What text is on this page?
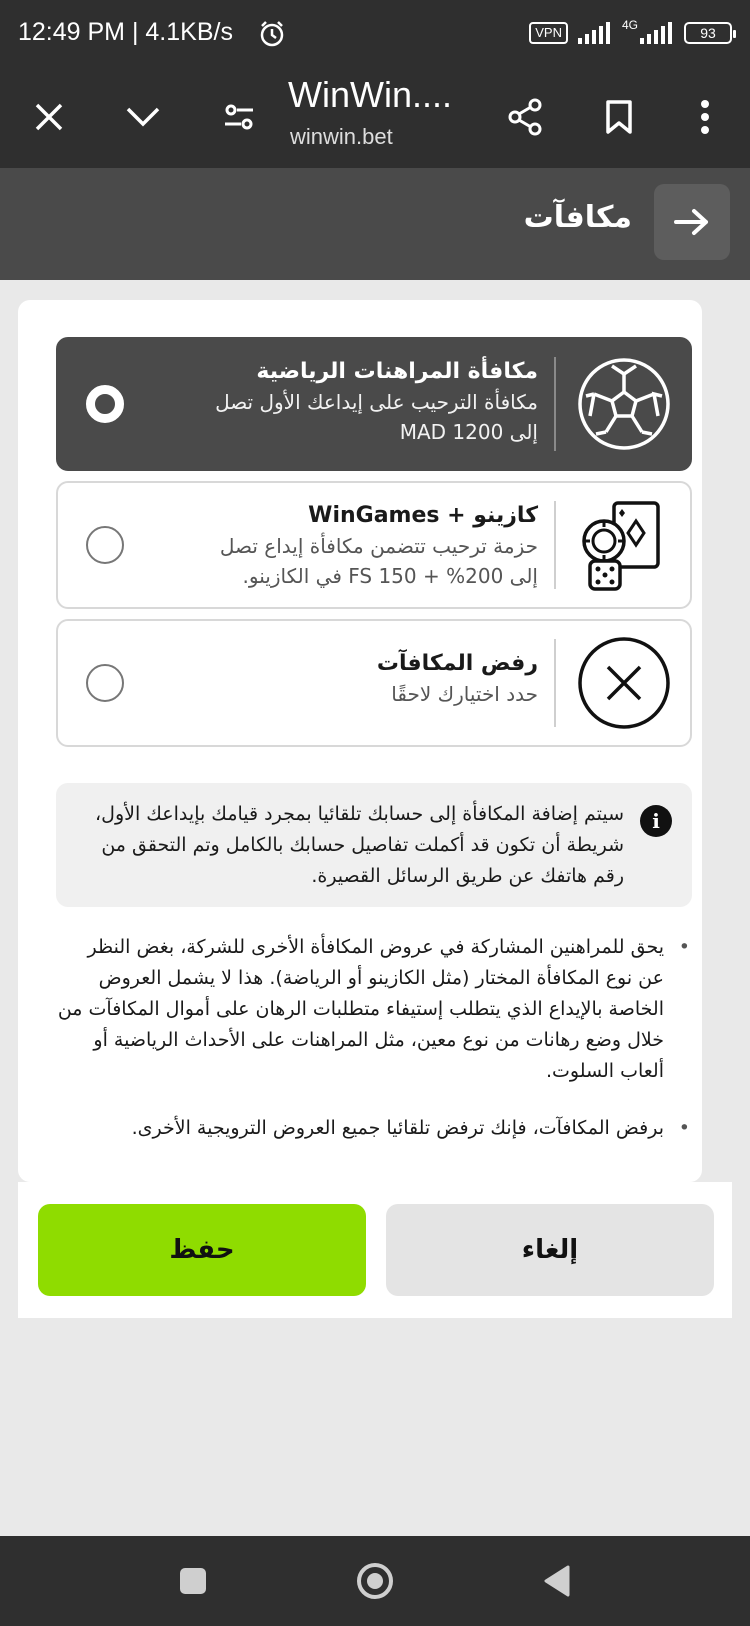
12:49 PM | 4.1KB/s	VPN	4G	93
WinWin....
winwin.bet
مكافآت
مكافأة المراهنات الرياضية
مكافأة الترحيب على إيداعك الأول تصل إلى MAD 1200
كازينو + WinGames
حزمة ترحيب تتضمن مكافأة إيداع تصل إلى 200% + 150 FS في الكازينو.
رفض المكافآت
حدد اختيارك لاحقًا
i
سيتم إضافة المكافأة إلى حسابك تلقائيا بمجرد قيامك بإيداعك الأول، شريطة أن تكون قد أكملت تفاصيل حسابك بالكامل وتم التحقق من رقم هاتفك عن طريق الرسائل القصيرة.
•
يحق للمراهنين المشاركة في عروض المكافأة الأخرى للشركة، بغض النظر عن نوع المكافأة المختار (مثل الكازينو أو الرياضة). هذا لا يشمل العروض الخاصة بالإيداع الذي يتطلب إستيفاء متطلبات الرهان على أموال المكافآت من خلال وضع رهانات من نوع معين، مثل المراهنات على الأحداث الرياضية أو ألعاب السلوت.
•
برفض المكافآت، فإنك ترفض تلقائيا جميع العروض الترويجية الأخرى.
حفظ	إلغاء
